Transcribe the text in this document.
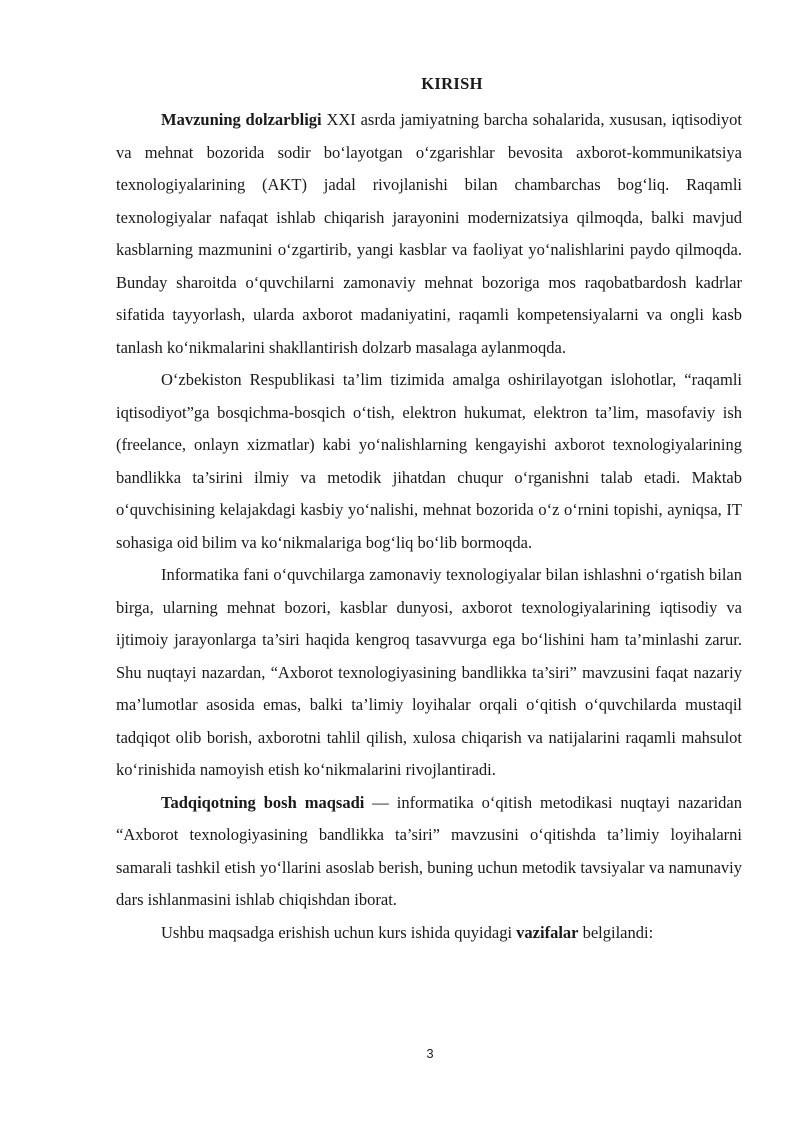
KIRISH

Mavzuning dolzarbligi XXI asrda jamiyatning barcha sohalarida, xususan, iqtisodiyot va mehnat bozorida sodir bo‘layotgan o‘zgarishlar bevosita axborot-kommunikatsiya texnologiyalarining (AKT) jadal rivojlanishi bilan chambarchas bog‘liq. Raqamli texnologiyalar nafaqat ishlab chiqarish jarayonini modernizatsiya qilmoqda, balki mavjud kasblarning mazmunini o‘zgartirib, yangi kasblar va faoliyat yo‘nalishlarini paydo qilmoqda. Bunday sharoitda o‘quvchilarni zamonaviy mehnat bozoriga mos raqobatbardosh kadrlar sifatida tayyorlash, ularda axborot madaniyatini, raqamli kompetensiyalarni va ongli kasb tanlash ko‘nikmalarini shakllantirish dolzarb masalaga aylanmoqda.

O‘zbekiston Respublikasi ta’lim tizimida amalga oshirilayotgan islohotlar, “raqamli iqtisodiyot”ga bosqichma-bosqich o‘tish, elektron hukumat, elektron ta’lim, masofaviy ish (freelance, onlayn xizmatlar) kabi yo‘nalishlarning kengayishi axborot texnologiyalarining bandlikka ta’sirini ilmiy va metodik jihatdan chuqur o‘rganishni talab etadi. Maktab o‘quvchisining kelajakdagi kasbiy yo‘nalishi, mehnat bozorida o‘z o‘rnini topishi, ayniqsa, IT sohasiga oid bilim va ko‘nikmalariga bog‘liq bo‘lib bormoqda.

Informatika fani o‘quvchilarga zamonaviy texnologiyalar bilan ishlashni o‘rgatish bilan birga, ularning mehnat bozori, kasblar dunyosi, axborot texnologiyalarining iqtisodiy va ijtimoiy jarayonlarga ta’siri haqida kengroq tasavvurga ega bo‘lishini ham ta’minlashi zarur. Shu nuqtayi nazardan, “Axborot texnologiyasining bandlikka ta’siri” mavzusini faqat nazariy ma’lumotlar asosida emas, balki ta’limiy loyihalar orqali o‘qitish o‘quvchilarda mustaqil tadqiqot olib borish, axborotni tahlil qilish, xulosa chiqarish va natijalarini raqamli mahsulot ko‘rinishida namoyish etish ko‘nikmalarini rivojlantiradi.

Tadqiqotning bosh maqsadi — informatika o‘qitish metodikasi nuqtayi nazaridan “Axborot texnologiyasining bandlikka ta’siri” mavzusini o‘qitishda ta’limiy loyihalarni samarali tashkil etish yo‘llarini asoslab berish, buning uchun metodik tavsiyalar va namunaviy dars ishlanmasini ishlab chiqishdan iborat.

Ushbu maqsadga erishish uchun kurs ishida quyidagi vazifalar belgilandi:

3
